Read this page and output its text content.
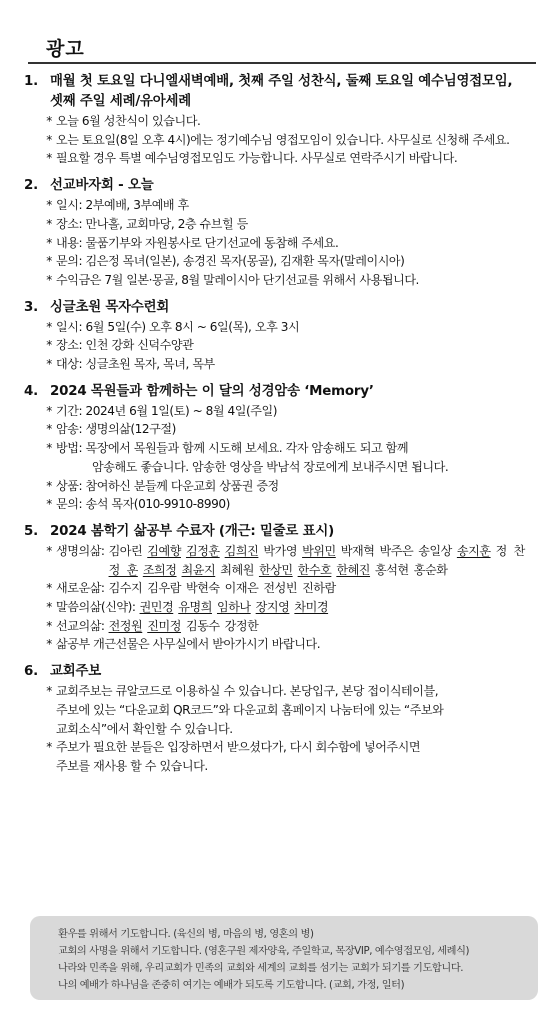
광고
1. 매월 첫 토요일 다니엘새벽예배, 첫째 주일 성찬식, 둘째 토요일 예수님영접모임,
셋째 주일 세례/유아세례
* 오늘 6월 성찬식이 있습니다.
* 오는 토요일(8일 오후 4시)에는 정기예수님 영접모임이 있습니다. 사무실로 신청해 주세요.
* 필요할 경우 특별 예수님영접모임도 가능합니다. 사무실로 연락주시기 바랍니다.
2. 선교바자회 - 오늘
* 일시: 2부예배, 3부예배 후
* 장소: 만나홀, 교회마당, 2층 슈브힐 등
* 내용: 물품기부와 자원봉사로 단기선교에 동참해 주세요.
* 문의: 김은정 목녀(일본), 송경진 목자(몽골), 김재환 목자(말레이시아)
* 수익금은 7월 일본·몽골, 8월 말레이시아 단기선교를 위해서 사용됩니다.
3. 싱글초원 목자수련회
* 일시: 6월 5일(수) 오후 8시 ~ 6일(목), 오후 3시
* 장소: 인천 강화 신덕수양관
* 대상: 싱글초원 목자, 목녀, 목부
4. 2024 목원들과 함께하는 이 달의 성경암송 ‘Memory’
* 기간: 2024년 6월 1일(토) ~ 8월 4일(주일)
* 암송: 생명의삶(12구절)
* 방법: 목장에서 목원들과 함께 시도해 보세요. 각자 암송해도 되고 함께
암송해도 좋습니다. 암송한 영상을 박남석 장로에게 보내주시면 됩니다.
* 상품: 참여하신 분들께 다운교회 상품권 증정
* 문의: 송석 목자(010-9910-8990)
5. 2024 봄학기 삶공부 수료자 (개근: 밑줄로 표시)
* 생명의삶: 김아린 김예향 김정훈 김희진 박가영 박위민 박재혁 박주은 송일상 송지훈 정  찬
정  훈 조희정 최윤지 최혜원 한상민 한수호 한혜진 홍석현 홍순화
* 새로운삶: 김수지 김우람 박현숙 이재은 전성빈 진하람
* 말씀의삶(신약): 권민경 유명희 임하나 장지영 차미경
* 선교의삶: 전정원 진미정 김동수 강정한
* 삶공부 개근선물은 사무실에서 받아가시기 바랍니다.
6. 교회주보
* 교회주보는 큐알코드로 이용하실 수 있습니다. 본당입구, 본당 접이식테이블,
주보에 있는 “다운교회 QR코드”와 다운교회 홈페이지 나눔터에 있는 “주보와
교회소식”에서 확인할 수 있습니다.
* 주보가 필요한 분들은 입장하면서 받으셨다가, 다시 회수함에 넣어주시면
주보를 재사용 할 수 있습니다.
환우를 위해서 기도합니다. (육신의 병, 마음의 병, 영혼의 병)
교회의 사명을 위해서 기도합니다. (영혼구원 제자양육, 주일학교, 목장VIP, 예수영접모임, 세례식)
나라와 민족을 위해, 우리교회가 민족의 교회와 세계의 교회를 섬기는 교회가 되기를 기도합니다.
나의 예배가 하나님을 존중히 여기는 예배가 되도록 기도합니다. (교회, 가정, 일터)
